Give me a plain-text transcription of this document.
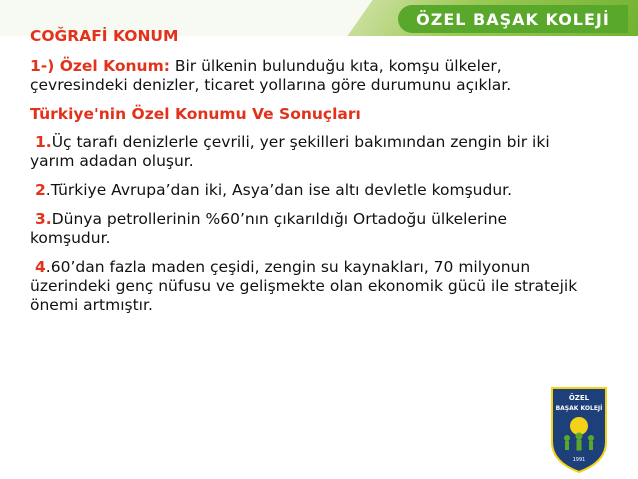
ÖZEL BAŞAK KOLEJİ

COĞRAFİ KONUM

1-) Özel Konum: Bir ülkenin bulunduğu kıta, komşu ülkeler, çevresindeki denizler, ticaret yollarına göre durumunu açıklar.

Türkiye'nin Özel Konumu Ve Sonuçları

1.Üç tarafı denizlerle çevrili, yer şekilleri bakımından zengin bir iki yarım adadan oluşur.

2.Türkiye Avrupa’dan iki, Asya’dan ise altı devletle komşudur.

3.Dünya petrollerinin %60’nın çıkarıldığı Ortadoğu ülkelerine komşudur.

4.60’dan fazla maden çeşidi, zengin su kaynakları, 70 milyonun üzerindeki genç nüfusu ve gelişmekte olan ekonomik gücü ile stratejik önemi artmıştır.

ÖZEL
BAŞAK KOLEJİ
1991
